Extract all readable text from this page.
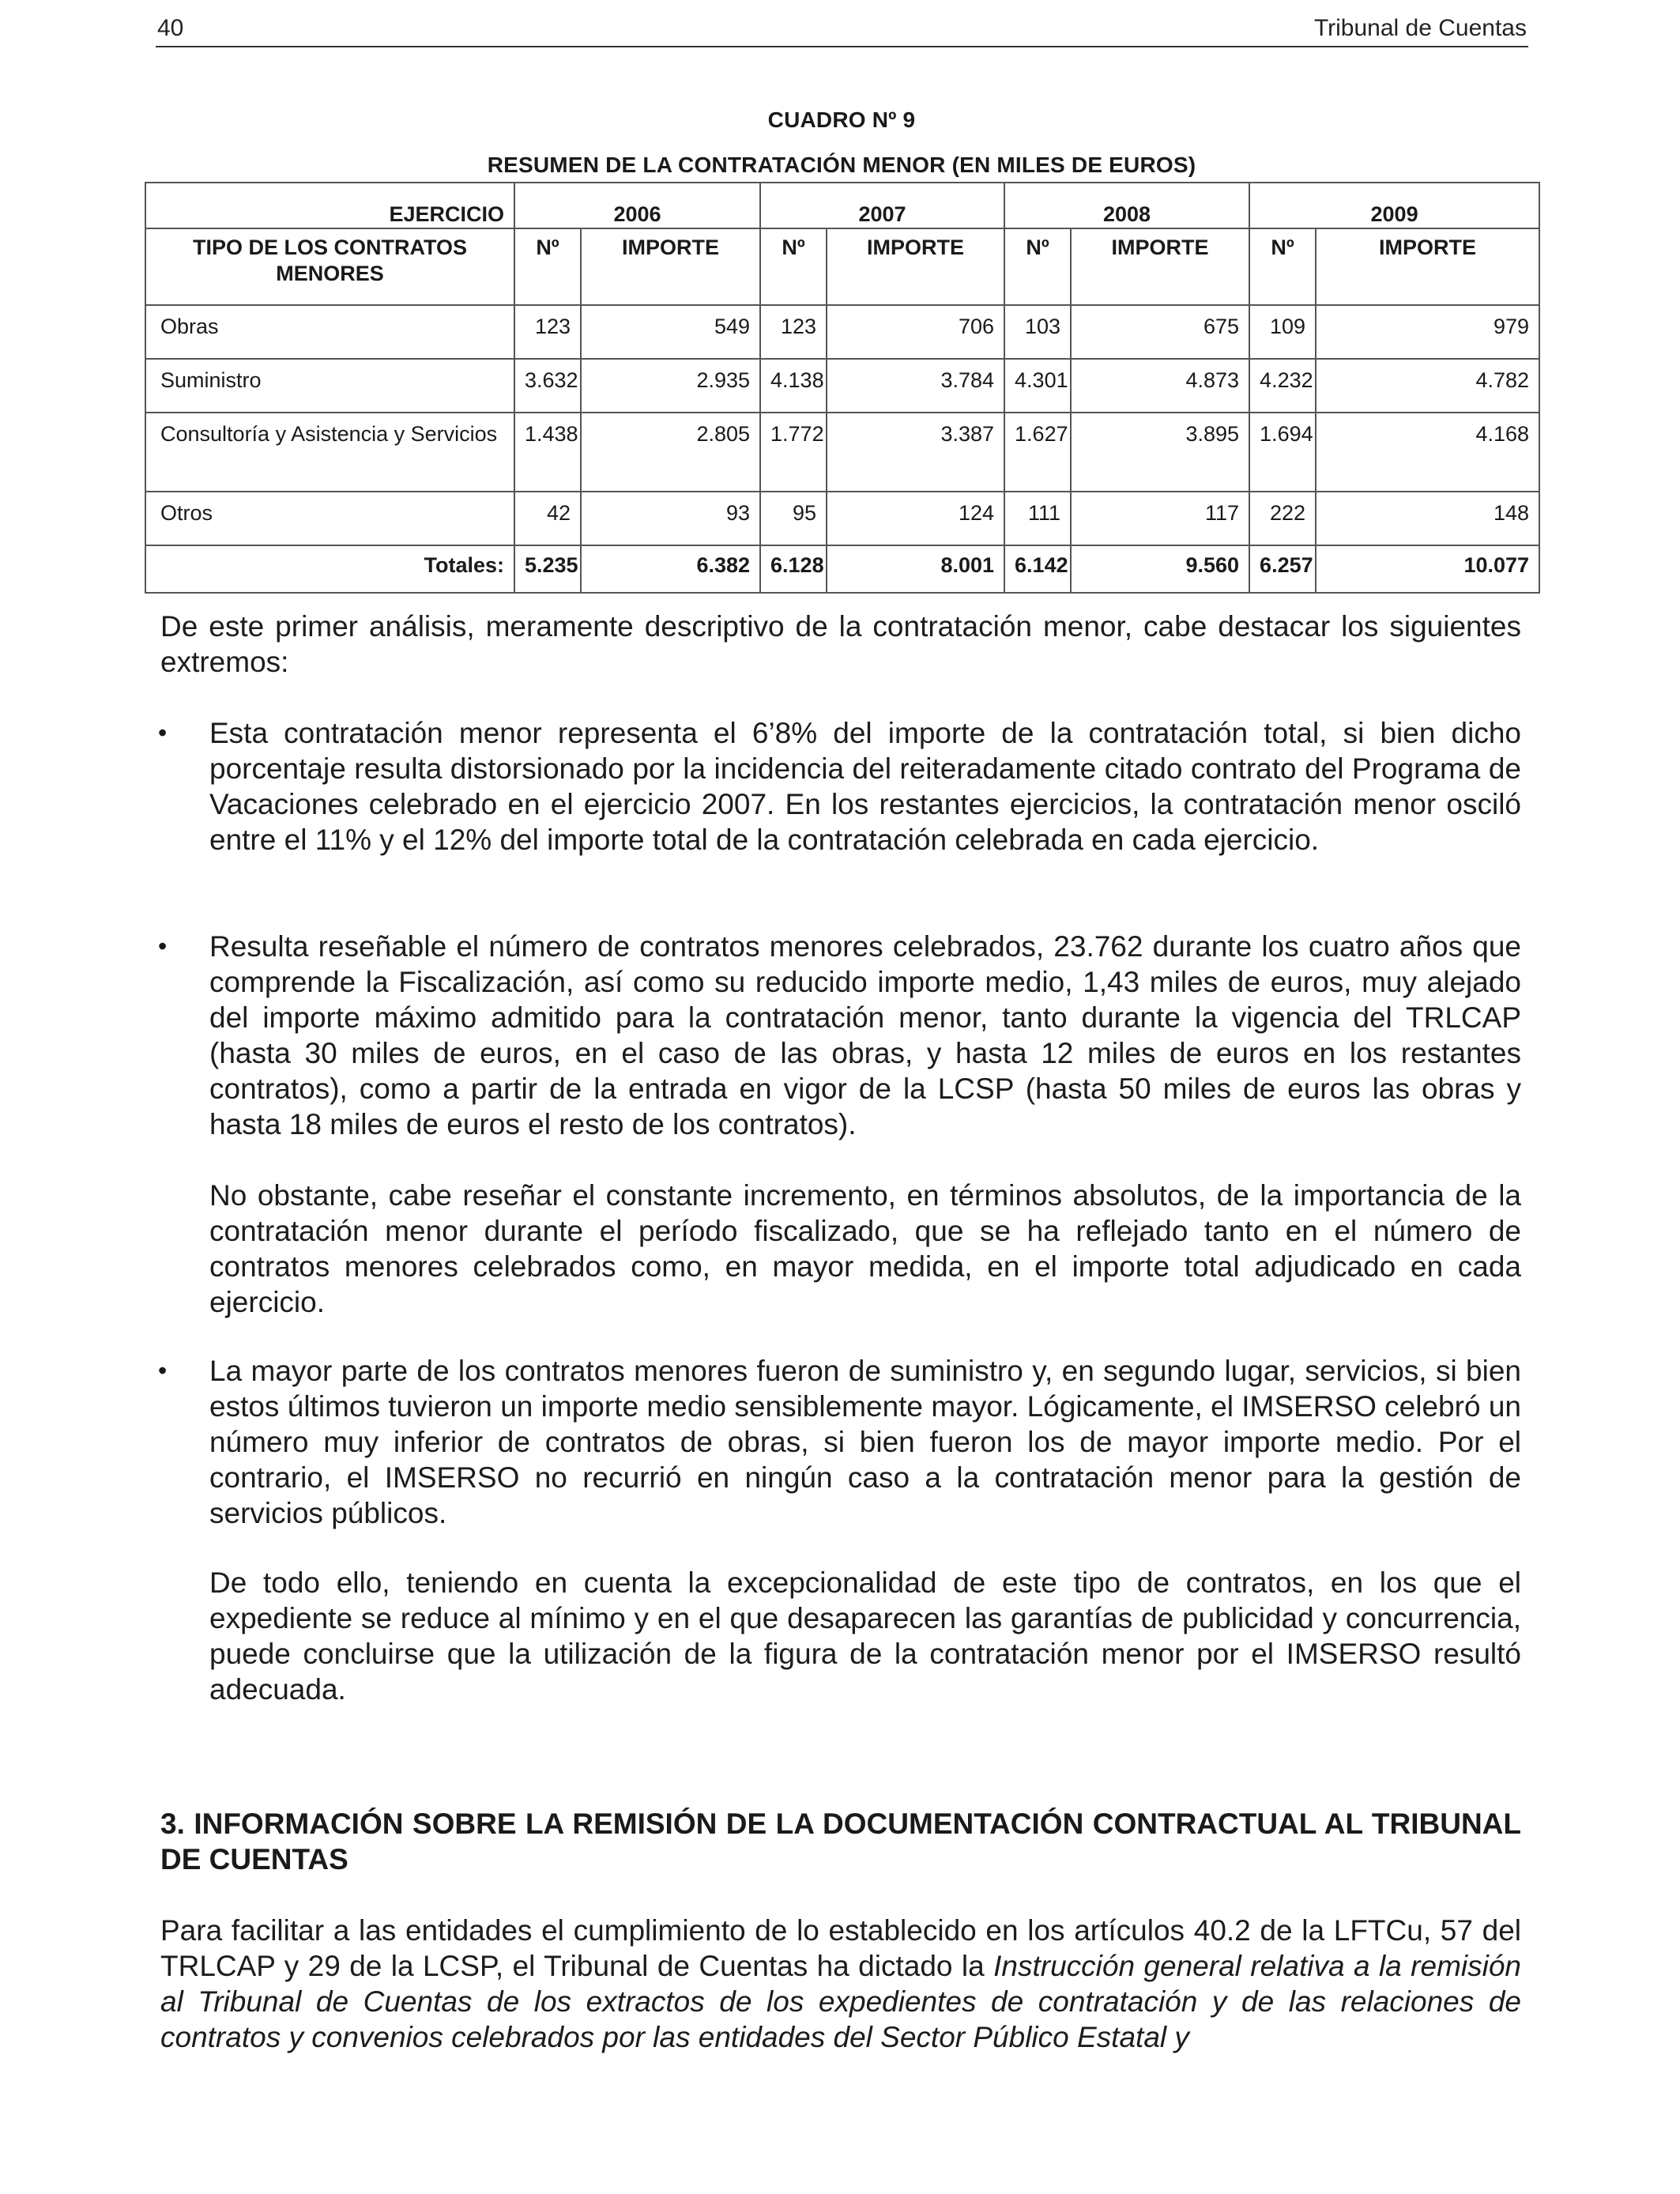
40	Tribunal de Cuentas
CUADRO Nº 9
RESUMEN DE LA CONTRATACIÓN MENOR (EN MILES DE EUROS)
EJERCICIO	2006		2007		2008		2009	
TIPO DE LOS CONTRATOS MENORES	Nº	IMPORTE	Nº	IMPORTE	Nº	IMPORTE	Nº	IMPORTE
Obras	123	549	123	706	103	675	109	979
Suministro	3.632	2.935	4.138	3.784	4.301	4.873	4.232	4.782
Consultoría y Asistencia y Servicios	1.438	2.805	1.772	3.387	1.627	3.895	1.694	4.168
Otros	42	93	95	124	111	117	222	148
Totales:	5.235	6.382	6.128	8.001	6.142	9.560	6.257	10.077
De este primer análisis, meramente descriptivo de la contratación menor, cabe destacar los siguientes extremos:
• Esta contratación menor representa el 6’8% del importe de la contratación total, si bien dicho porcentaje resulta distorsionado por la incidencia del reiteradamente citado contrato del Programa de Vacaciones celebrado en el ejercicio 2007. En los restantes ejercicios, la contratación menor osciló entre el 11% y el 12% del importe total de la contratación celebrada en cada ejercicio.
• Resulta reseñable el número de contratos menores celebrados, 23.762 durante los cuatro años que comprende la Fiscalización, así como su reducido importe medio, 1,43 miles de euros, muy alejado del importe máximo admitido para la contratación menor, tanto durante la vigencia del TRLCAP (hasta 30 miles de euros, en el caso de las obras, y hasta 12 miles de euros en los restantes contratos), como a partir de la entrada en vigor de la LCSP (hasta 50 miles de euros las obras y hasta 18 miles de euros el resto de los contratos).
No obstante, cabe reseñar el constante incremento, en términos absolutos, de la importancia de la contratación menor durante el período fiscalizado, que se ha reflejado tanto en el número de contratos menores celebrados como, en mayor medida, en el importe total adjudicado en cada ejercicio.
• La mayor parte de los contratos menores fueron de suministro y, en segundo lugar, servicios, si bien estos últimos tuvieron un importe medio sensiblemente mayor. Lógicamente, el IMSERSO celebró un número muy inferior de contratos de obras, si bien fueron los de mayor importe medio. Por el contrario, el IMSERSO no recurrió en ningún caso a la contratación menor para la gestión de servicios públicos.
De todo ello, teniendo en cuenta la excepcionalidad de este tipo de contratos, en los que el expediente se reduce al mínimo y en el que desaparecen las garantías de publicidad y concurrencia, puede concluirse que la utilización de la figura de la contratación menor por el IMSERSO resultó adecuada.
3. INFORMACIÓN SOBRE LA REMISIÓN DE LA DOCUMENTACIÓN CONTRACTUAL AL TRIBUNAL DE CUENTAS
Para facilitar a las entidades el cumplimiento de lo establecido en los artículos 40.2 de la LFTCu, 57 del TRLCAP y 29 de la LCSP, el Tribunal de Cuentas ha dictado la Instrucción general relativa a la remisión al Tribunal de Cuentas de los extractos de los expedientes de contratación y de las relaciones de contratos y convenios celebrados por las entidades del Sector Público Estatal y
